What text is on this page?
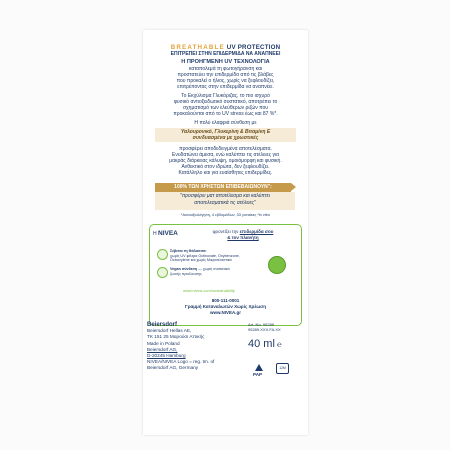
BREATHABLE UV PROTECTION
ΕΠΙΤΡΕΠΕΙ ΣΤΗΝ ΕΠΙΔΕΡΜΙΔΑ ΝΑ ΑΝΑΠΝΕΕΙ
Η ΠΡΟΗΓΜΕΝΗ UV ΤΕΧΝΟΛΟΓΙΑ
καταπολεμά τη φωτογήρανση και
προστατεύει την επιδερμίδα από τις βλάβες
που προκαλεί ο ήλιος, χωρίς να ξεφλουδίζει,
επιτρέποντας στην επιδερμίδα να αναπνέει.
Το Εκχύλισμα Γλυκόριζας, το πιο ισχυρό
φυσικό αντιοξειδωτικό συστατικό, αποτρέπει το
σχηματισμό των ελεύθερων ριζών που
προκαλούνται από το UV stress έως και 87 %*.
Η πολύ ελαφριά σύνθεση με
Υαλουρονικό, Γλυκερίνη & Βιταμίνη Ε
συνδυασμένα με χρωστικές
προσφέρει αποδεδειγμένα αποτελέσματα.
Ενυδατώνει άμεσα, ενώ καλύπτει τις ατέλειες για
μακράς διάρκειας κάλυψη, ομοιόμορφη και φυσική.
Ανθεκτικό στον ιδρώτα, δεν ξεφλουδίζει.
Κατάλληλο και για ευαίσθητες επιδερμίδες.
100% ΤΩΝ ΧΡΗΣΤΩΝ ΕΠΙΒΕΒΑΙΩΝΟΥΝ":
"προσφέρει ματ αποτέλεσμα και καλύπτει
αποτελεσματικά τις ατέλειες"
*Αυτοαξιολόγηση, 4 εβδομάδων, 33 γυναίκες *in vitro
Η NIVEA	φροντίζει την επιδερμίδα σου
& τον πλανήτη
Σέβεται τη Θάλασσα:
χωρίς UV φίλτρα Octinoxate, Oxybenzone,
Octocrylene και χωρίς Μικροπλαστικά
Vegan σύνθεση — χωρίς συστατικά
ζωικής προέλευσης
www.nivea.com/sustainability
800-111-0001
Γραμμή Καταναλωτών Χωρίς Χρέωση
www.NIVEA.gr
Beiersdorf
Beiersdorf Hellas AE,
TK 151 25 Μαρούσι Αττικής
Made in Poland
Beiersdorf AG,
D-20245 Hamburg
NIVEA/NIVEA Logo = reg. tm. of
Beiersdorf AG, Germany
Art.-No. 95289
95289.XXX.FA.XX
40 ml ℮
PAP
12M
